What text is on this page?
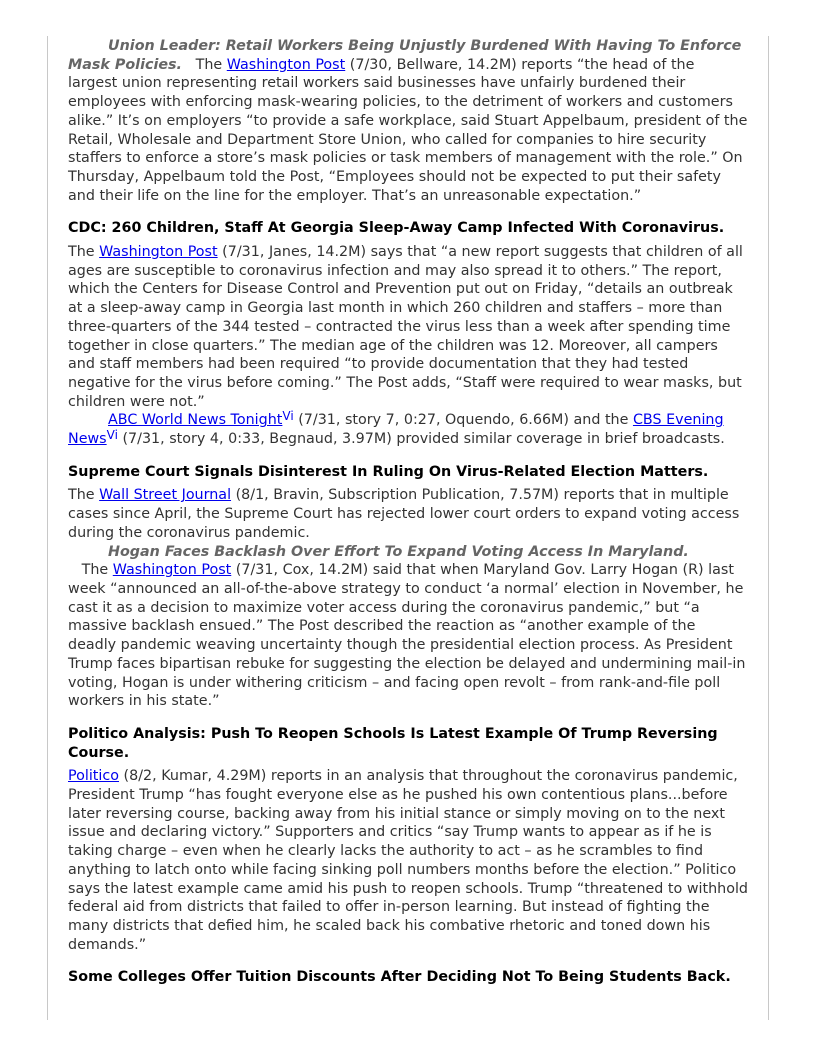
Union Leader: Retail Workers Being Unjustly Burdened With Having To Enforce Mask Policies.   The Washington Post (7/30, Bellware, 14.2M) reports “the head of the largest union representing retail workers said businesses have unfairly burdened their employees with enforcing mask-wearing policies, to the detriment of workers and customers alike.” It’s on employers “to provide a safe workplace, said Stuart Appelbaum, president of the Retail, Wholesale and Department Store Union, who called for companies to hire security staffers to enforce a store’s mask policies or task members of management with the role.” On Thursday, Appelbaum told the Post, “Employees should not be expected to put their safety and their life on the line for the employer. That’s an unreasonable expectation.”

CDC: 260 Children, Staff At Georgia Sleep-Away Camp Infected With Coronavirus.

The Washington Post (7/31, Janes, 14.2M) says that “a new report suggests that children of all ages are susceptible to coronavirus infection and may also spread it to others.” The report, which the Centers for Disease Control and Prevention put out on Friday, “details an outbreak at a sleep-away camp in Georgia last month in which 260 children and staffers – more than three-quarters of the 344 tested – contracted the virus less than a week after spending time together in close quarters.” The median age of the children was 12. Moreover, all campers and staff members had been required “to provide documentation that they had tested negative for the virus before coming.” The Post adds, “Staff were required to wear masks, but children were not.”

ABC World News Tonight$^{Vi}$ (7/31, story 7, 0:27, Oquendo, 6.66M) and the CBS Evening News$^{Vi}$ (7/31, story 4, 0:33, Begnaud, 3.97M) provided similar coverage in brief broadcasts.

Supreme Court Signals Disinterest In Ruling On Virus-Related Election Matters.

The Wall Street Journal (8/1, Bravin, Subscription Publication, 7.57M) reports that in multiple cases since April, the Supreme Court has rejected lower court orders to expand voting access during the coronavirus pandemic.

Hogan Faces Backlash Over Effort To Expand Voting Access In Maryland.   The Washington Post (7/31, Cox, 14.2M) said that when Maryland Gov. Larry Hogan (R) last week “announced an all-of-the-above strategy to conduct ‘a normal’ election in November, he cast it as a decision to maximize voter access during the coronavirus pandemic,” but “a massive backlash ensued.” The Post described the reaction as “another example of the deadly pandemic weaving uncertainty though the presidential election process. As President Trump faces bipartisan rebuke for suggesting the election be delayed and undermining mail-in voting, Hogan is under withering criticism – and facing open revolt – from rank-and-file poll workers in his state.”

Politico Analysis: Push To Reopen Schools Is Latest Example Of Trump Reversing Course.

Politico (8/2, Kumar, 4.29M) reports in an analysis that throughout the coronavirus pandemic, President Trump “has fought everyone else as he pushed his own contentious plans...before later reversing course, backing away from his initial stance or simply moving on to the next issue and declaring victory.” Supporters and critics “say Trump wants to appear as if he is taking charge – even when he clearly lacks the authority to act – as he scrambles to find anything to latch onto while facing sinking poll numbers months before the election.” Politico says the latest example came amid his push to reopen schools. Trump “threatened to withhold federal aid from districts that failed to offer in-person learning. But instead of fighting the many districts that defied him, he scaled back his combative rhetoric and toned down his demands.”

Some Colleges Offer Tuition Discounts After Deciding Not To Being Students Back.
